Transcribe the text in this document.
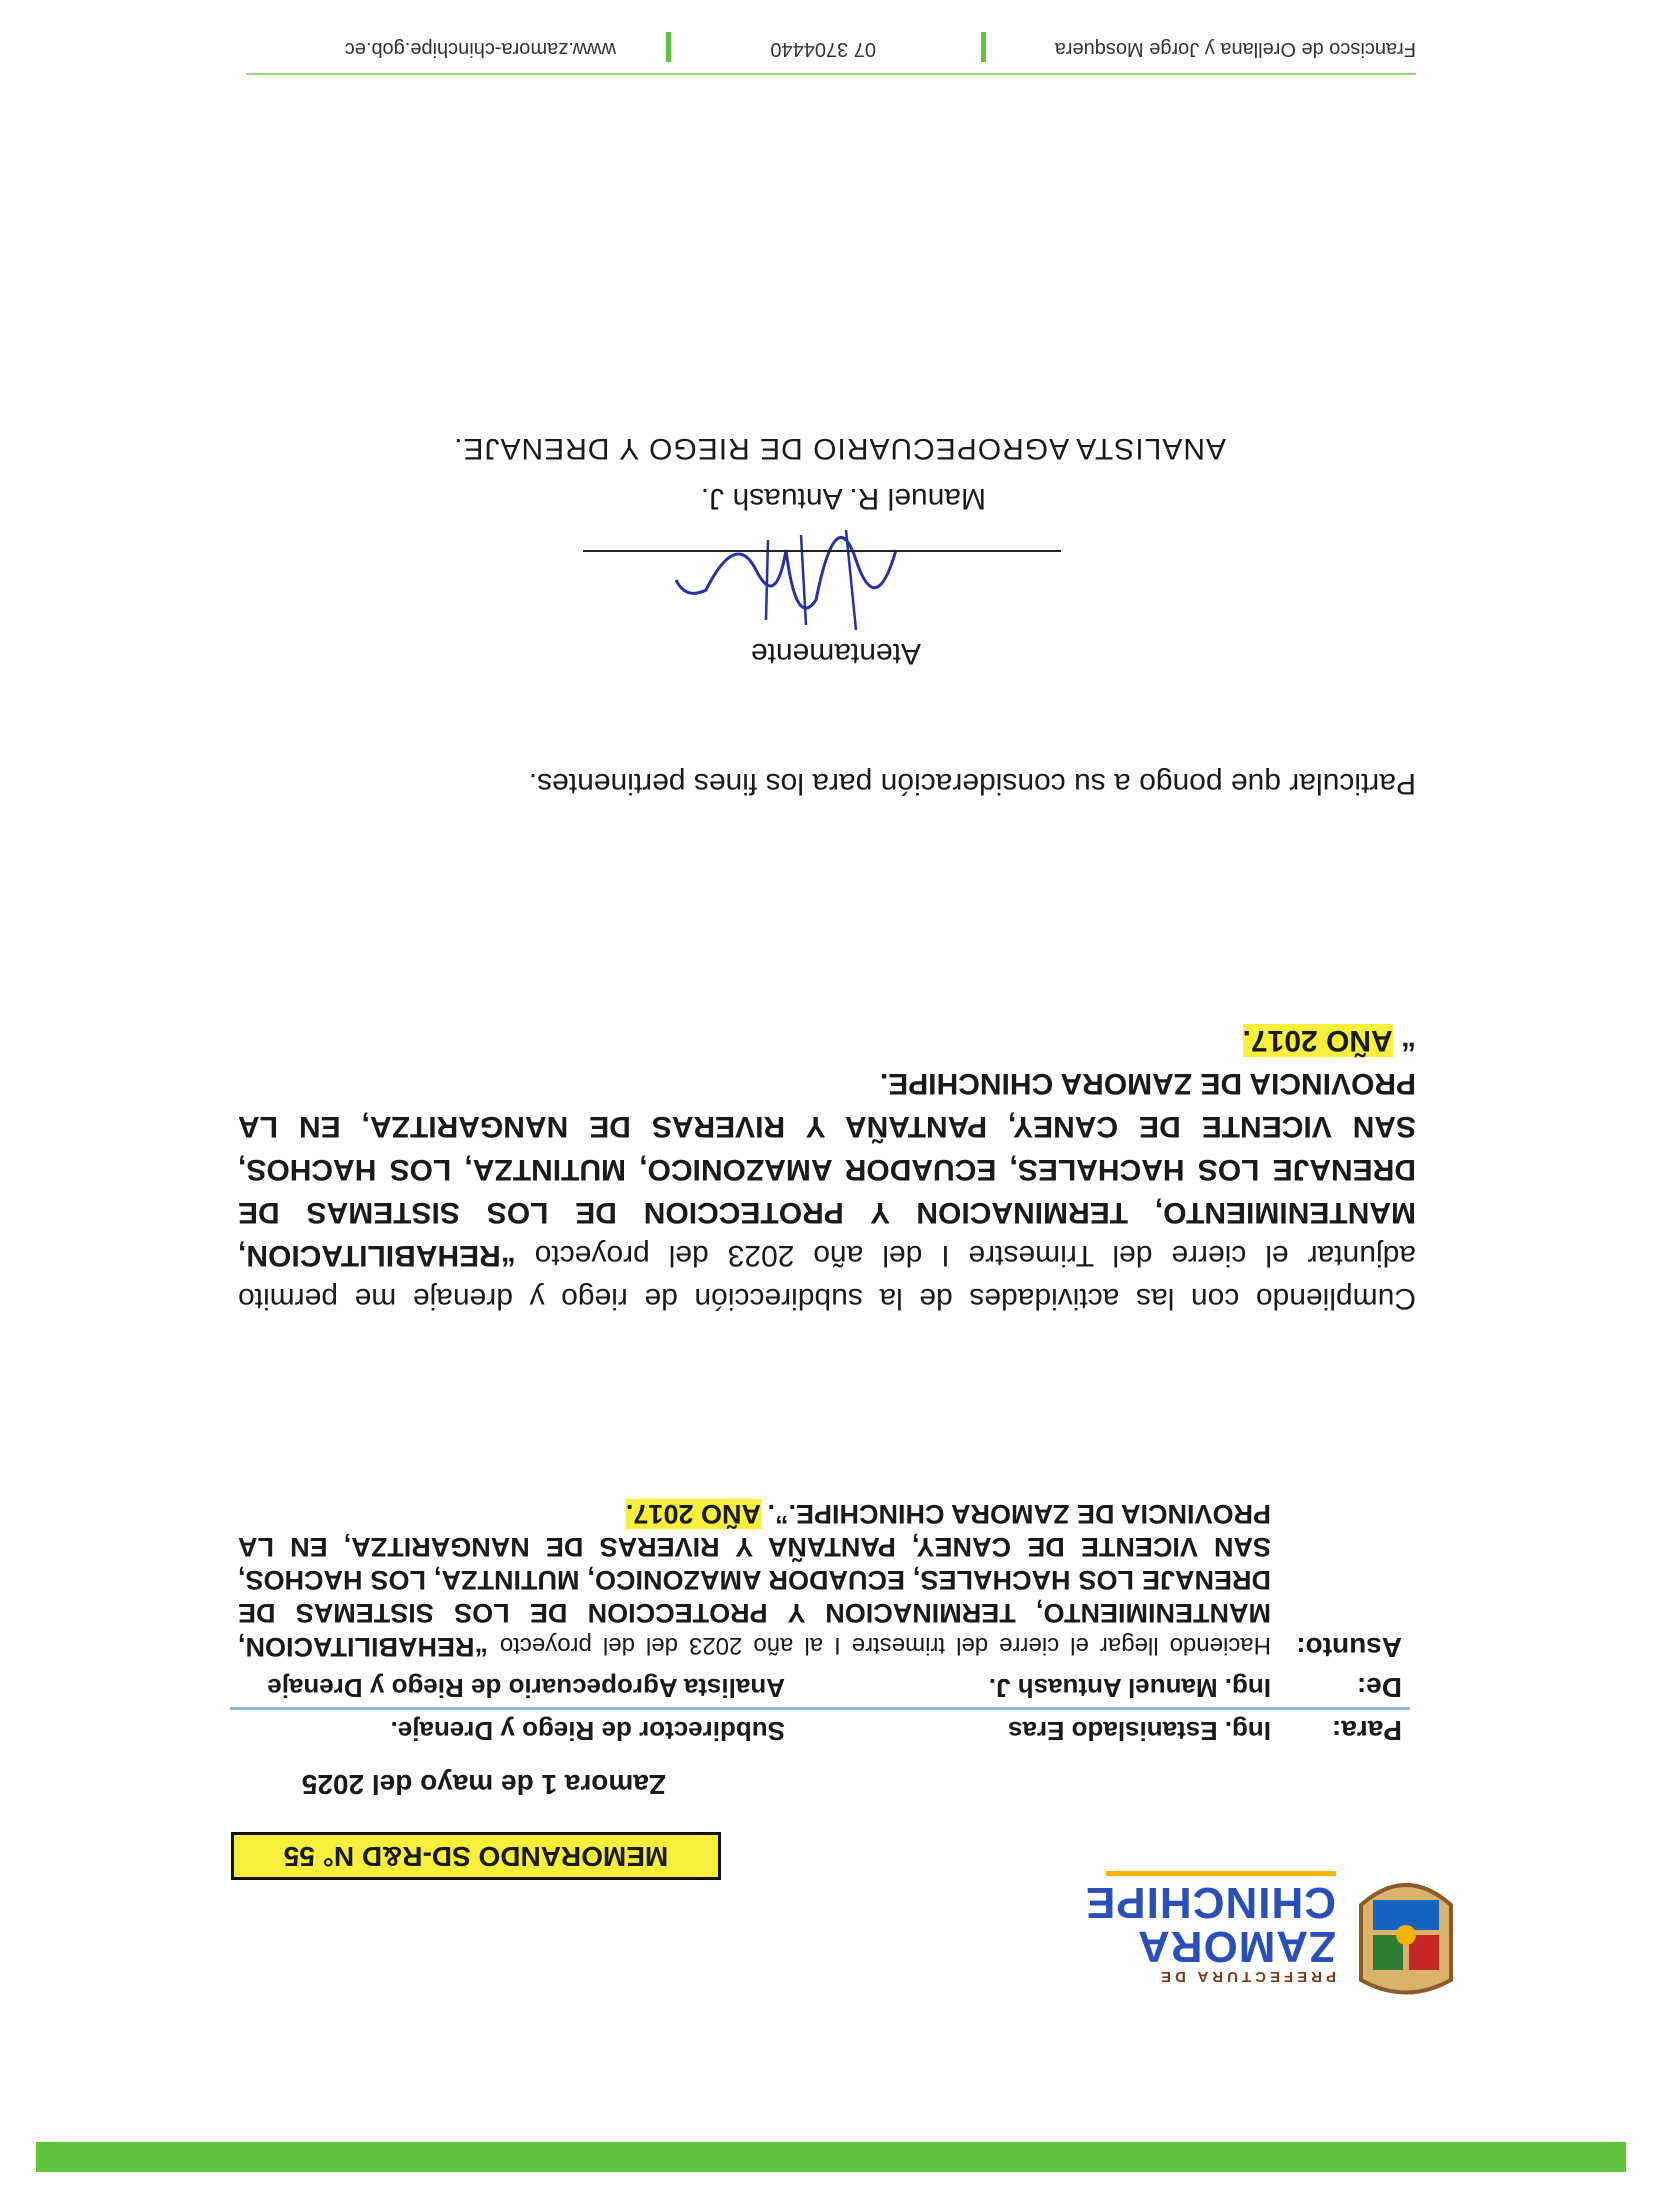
PREFECTURA DE
ZAMORA
CHINCHIPE
MEMORANDO SD-R&D N° 55
Zamora 1 de mayo del 2025
Para:	Ing. Estanislado Eras	Subdirector de Riego y Drenaje.
De:	Ing. Manuel Antuash J.	Analista Agropecuario de Riego y Drenaje
Asunto:	Haciendo llegar el cierre del trimestre I al año 2023 del del proyecto “REHABILITACION, MANTENIMIENTO, TERMINACION Y PROTECCION DE LOS SISTEMAS DE DRENAJE LOS HACHALES, ECUADOR AMAZONICO, MUTINTZA, LOS HACHOS, SAN VICENTE DE CANEY, PANTAÑA Y RIVERAS DE NANGARITZA, EN LA PROVINCIA DE ZAMORA CHINCHIPE.”. AÑO 2017.	
Cumpliendo con las actividades de la subdirección de riego y drenaje me permito adjuntar el cierre del Trimestre I del año 2023 del proyecto “REHABILITACION, MANTENIMIENTO, TERMINACION Y PROTECCION DE LOS SISTEMAS DE DRENAJE LOS HACHALES, ECUADOR AMAZONICO, MUTINTZA, LOS HACHOS, SAN VICENTE DE CANEY, PANTAÑA Y RIVERAS DE NANGARITZA, EN LA PROVINCIA DE ZAMORA CHINCHIPE.
“ AÑO 2017.
Particular que pongo a su consideración para los fines pertinentes.
Atentamente
Manuel R. Antuash J.
ANALISTA AGROPECUARIO DE RIEGO Y DRENAJE.
Francisco de Orellana y Jorge Mosquera
07 3704440
www.zamora-chinchipe.gob.ec
